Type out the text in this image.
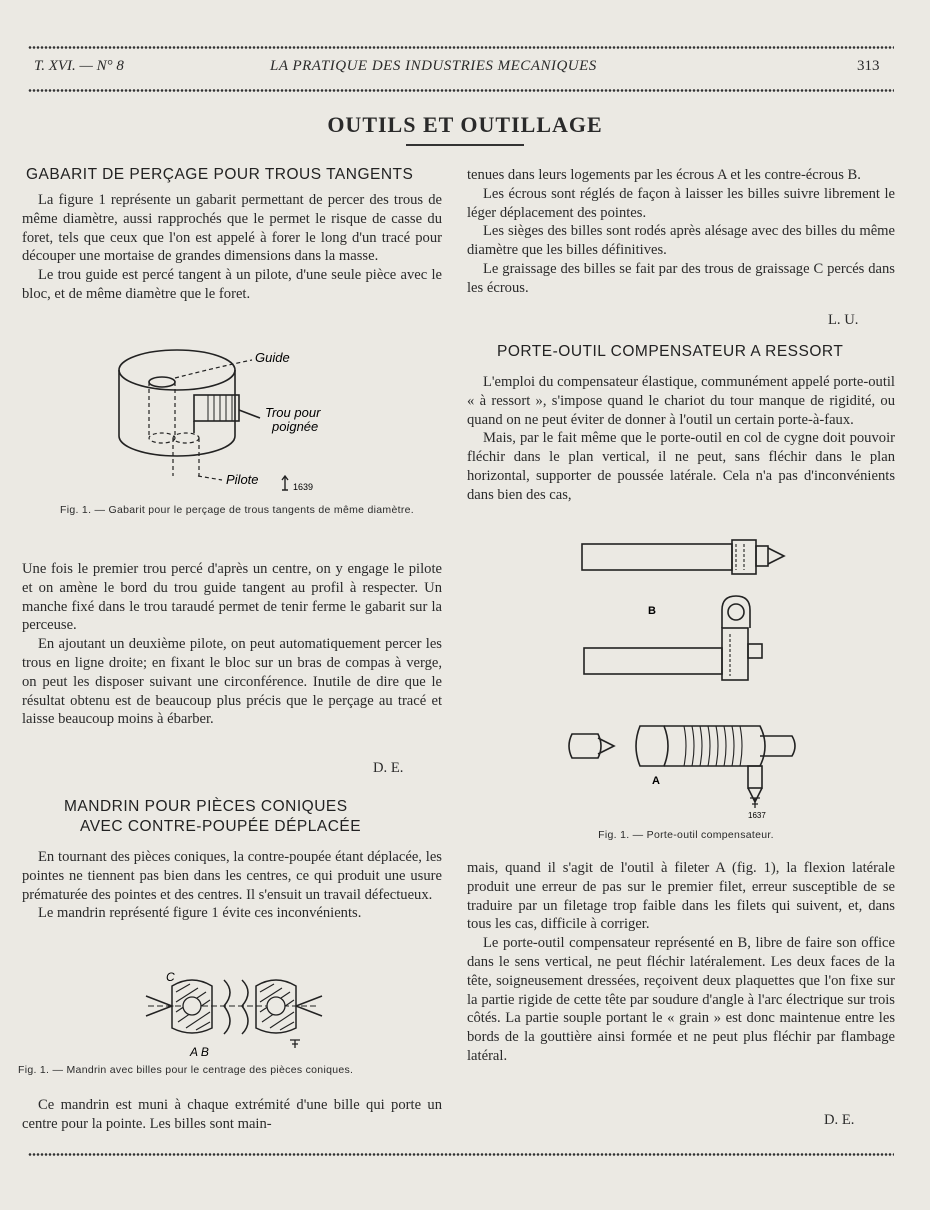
T. XVI. — N° 8	LA PRATIQUE DES INDUSTRIES MECANIQUES	313
OUTILS ET OUTILLAGE
GABARIT DE PERÇAGE POUR TROUS TANGENTS

La figure 1 représente un gabarit permettant de percer des trous de même diamètre, aussi rapprochés que le permet le risque de casse du foret, tels que ceux que l'on est appelé à forer le long d'un tracé pour découper une mortaise de grandes dimensions dans la masse.

Le trou guide est percé tangent à un pilote, d'une seule pièce avec le bloc, et de même diamètre que le foret.

Guide
Trou pour
poignée
Pilote	1639
Fig. 1. — Gabarit pour le perçage de trous tangents de même diamètre.

Une fois le premier trou percé d'après un centre, on y engage le pilote et on amène le bord du trou guide tangent au profil à respecter. Un manche fixé dans le trou taraudé permet de tenir ferme le gabarit sur la perceuse.

En ajoutant un deuxième pilote, on peut automatiquement percer les trous en ligne droite; en fixant le bloc sur un bras de compas à verge, on peut les disposer suivant une circonférence. Inutile de dire que le résultat obtenu est de beaucoup plus précis que le perçage au tracé et laisse beaucoup moins à ébarber.

D. E.
MANDRIN POUR PIÈCES CONIQUES
AVEC CONTRE-POUPÉE DÉPLACÉE

En tournant des pièces coniques, la contre-poupée étant déplacée, les pointes ne tiennent pas bien dans les centres, ce qui produit une usure prématurée des pointes et des centres. Il s'ensuit un travail défectueux.

Le mandrin représenté figure 1 évite ces inconvénients.

C
A B
Fig. 1. — Mandrin avec billes pour le centrage des pièces coniques.

Ce mandrin est muni à chaque extrémité d'une bille qui porte un centre pour la pointe. Les billes sont main-

tenues dans leurs logements par les écrous A et les contre-écrous B.

Les écrous sont réglés de façon à laisser les billes suivre librement le léger déplacement des pointes.

Les sièges des billes sont rodés après alésage avec des billes du même diamètre que les billes définitives.

Le graissage des billes se fait par des trous de graissage C percés dans les écrous.

L. U.
PORTE-OUTIL COMPENSATEUR A RESSORT

L'emploi du compensateur élastique, communément appelé porte-outil « à ressort », s'impose quand le chariot du tour manque de rigidité, ou quand on ne peut éviter de donner à l'outil un certain porte-à-faux.

Mais, par le fait même que le porte-outil en col de cygne doit pouvoir fléchir dans le plan vertical, il ne peut, sans fléchir dans le plan horizontal, supporter de poussée latérale. Cela n'a pas d'inconvénients dans bien des cas,

B
A
1637
Fig. 1. — Porte-outil compensateur.

mais, quand il s'agit de l'outil à fileter A (fig. 1), la flexion latérale produit une erreur de pas sur le premier filet, erreur susceptible de se traduire par un filetage trop faible dans les filets qui suivent, et, dans tous les cas, difficile à corriger.

Le porte-outil compensateur représenté en B, libre de faire son office dans le sens vertical, ne peut fléchir latéralement. Les deux faces de la tête, soigneusement dressées, reçoivent deux plaquettes que l'on fixe sur la partie rigide de cette tête par soudure d'angle à l'arc électrique sur trois côtés. La partie souple portant le « grain » est donc maintenue entre les bords de la gouttière ainsi formée et ne peut plus fléchir par flambage latéral.

D. E.
